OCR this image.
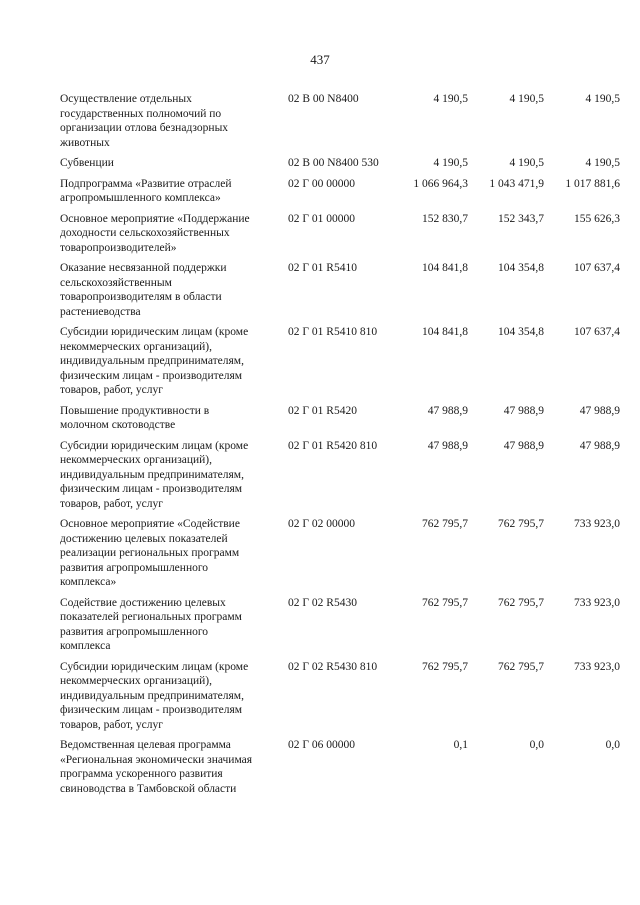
437
Осуществление отдельных
государственных полномочий по
организации отлова безнадзорных
животных
02 В 00 N8400	4 190,5	4 190,5	4 190,5
Субвенции	02 В 00 N8400 530	4 190,5	4 190,5	4 190,5
Подпрограмма «Развитие отраслей
агропромышленного комплекса»
02 Г 00 00000	1 066 964,3	1 043 471,9	1 017 881,6
Основное мероприятие «Поддержание
доходности сельскохозяйственных
товаропроизводителей»
02 Г 01 00000	152 830,7	152 343,7	155 626,3
Оказание несвязанной поддержки
сельскохозяйственным
товаропроизводителям в области
растениеводства
02 Г 01 R5410	104 841,8	104 354,8	107 637,4
Субсидии юридическим лицам (кроме
некоммерческих организаций),
индивидуальным предпринимателям,
физическим лицам - производителям
товаров, работ, услуг
02 Г 01 R5410 810	104 841,8	104 354,8	107 637,4
Повышение продуктивности в
молочном скотоводстве
02 Г 01 R5420	47 988,9	47 988,9	47 988,9
Субсидии юридическим лицам (кроме
некоммерческих организаций),
индивидуальным предпринимателям,
физическим лицам - производителям
товаров, работ, услуг
02 Г 01 R5420 810	47 988,9	47 988,9	47 988,9
Основное мероприятие «Содействие
достижению целевых показателей
реализации региональных программ
развития агропромышленного
комплекса»
02 Г 02 00000	762 795,7	762 795,7	733 923,0
Содействие достижению целевых
показателей региональных программ
развития агропромышленного
комплекса
02 Г 02 R5430	762 795,7	762 795,7	733 923,0
Субсидии юридическим лицам (кроме
некоммерческих организаций),
индивидуальным предпринимателям,
физическим лицам - производителям
товаров, работ, услуг
02 Г 02 R5430 810	762 795,7	762 795,7	733 923,0
Ведомственная целевая программа
«Региональная экономически значимая
программа ускоренного развития
свиноводства в Тамбовской области
02 Г 06 00000	0,1	0,0	0,0
